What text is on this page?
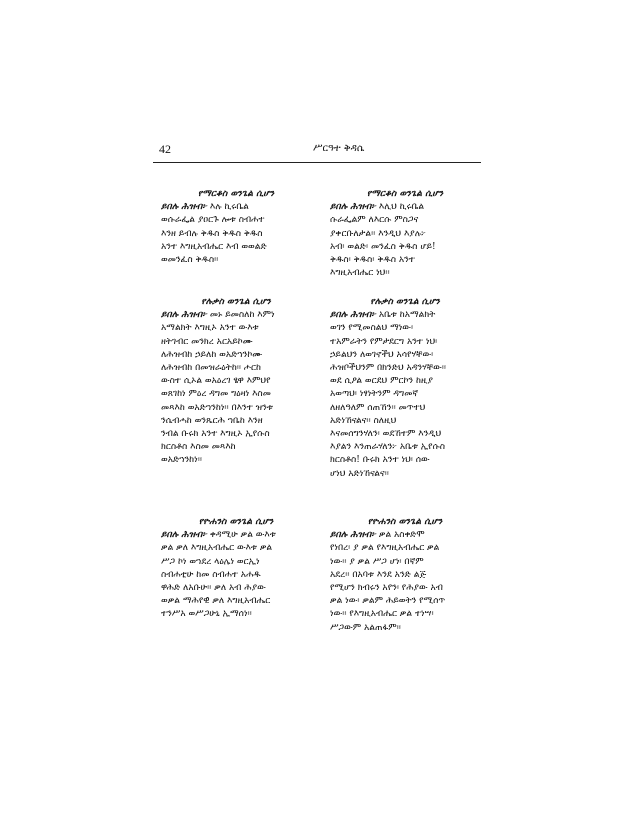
42	ሥርዓተ ቅዳሴ
የማርቆስ ወንጌል ሲሆን
ይበሉ ሕዝብ፦ እሉ ኪሩቤል
ወሱራፌል ያዐርጉ ሎቱ ስብሐተ
እንዘ ይብሉ ቅዱስ ቅዱስ ቅዱስ
አንተ እግዚአብሔር እብ ወወልድ
ወመንፈስ ቅዱስ፡፡
የማርቆስ ወንጌል ሲሆን
ይበሉ ሕዝብ፦ እሊህ ኪሩቤል
ሱራፌልም ለእርሱ ምስጋና
ያቀርቡለታል፡፡ እንዲህ እያሉ፦
አብ፡ ወልድ፡ መንፈስ ቅዱስ ሆይ!
ቅዱስ፡ ቅዱስ፡ ቅዱስ አንተ
እግዚአብሔር ነህ፡፡
የሉቃስ ወንጌል ሲሆን
ይበሉ ሕዝብ፦ መኑ ይመስለከ እምነ
አማልክት እግዚኦ አንተ ውእቱ
ዘትገብር መንክረ አርአይኮሙ
ለሕዝብከ ኃይለከ ወአድኀንኮሙ
ለሕዝብከ በመዝራዕትከ፡፡ ሖርከ
ውስተ ሲኦል ወአዕረገ ፄዋ እምህየ
ወጸገከነ ምዕረ ዳግመ ግዕዛነ እስመ
መጻእከ ወአድኀንከነ፡፡ በእንተ ዝንቱ
ንሴብሓከ ወንጼርሕ ኀቤከ እንዘ
ንብል ቡሩክ አንተ እግዚኦ ኢየሱስ
ክርስቶስ እስመ መጻእከ
ወአድኀንከነ፡፡
የሉቃስ ወንጌል ሲሆን
ይበሉ ሕዝብ፦ አቤቱ ከአማልክት
ወገን የሚመስልህ ማነው፡
ተአምራትን የምታደርግ አንተ ነህ፡
ኃይልህን ለወገኖችህ አሳየሃቸው፡
ሕዝቦችህንም በክንድህ አዳንሃቸው፡፡
ወደ ሲዖል ወርደህ ምርኮን ከዚያ
አወጣህ፡ ነፃነትንም ዳግመኛ
ለዘለዓለም ሰጠኸን፡፡ መጥተህ
አድነኸናልና፡፡ ስለዚህ
እናመሰግንሃለን፡ ወደኸተም እንዲህ
እያልን እንጠራሃለን፦ አቤቱ ኢየሱስ
ክርስቶስ! ቡሩክ አንተ ነህ፡ ሰው
ሆነህ አድነኸናልና፡፡
የዮሐንስ ወንጌል ሲሆን
ይበሉ ሕዝብ፦ ቀዳሚሁ ቃል ውእቱ
ቃል ቃለ እግዚአብሔር ውእቱ ቃል
ሥጋ ኮነ ወኀደረ ላዕሌነ ወርኢነ
ስብሐቲሁ ከመ ስብሐተ አሐዱ
ዋሕድ ለአቡሁ፡፡ ቃለ አብ ሕያው
ወቃል ማሕየዊ ቃለ እግዚአብሔር
ተንሥአ ወሥጋሁኒ ኢማሰነ፡፡
የዮሐንስ ወንጌል ሲሆን
ይበሉ ሕዝብ፦ ቃል አስቀድሞ
የነበረ፡ ያ ቃል የእግዚአብሔር ቃል
ነው፡፡ ያ ቃል ሥጋ ሆነ፡ በኛም
አደረ፡፡ በአባቱ እንደ አንድ ልጅ
የሚሆን ክብሩን አየን፡ የሕያው አብ
ቃል ነው፡ ቃልም ሕይወትን የሚሰጥ
ነው፡፡ የእግዚአብሔር ቃል ተነሣ፡
ሥጋውም አልጠፋም፡፡
